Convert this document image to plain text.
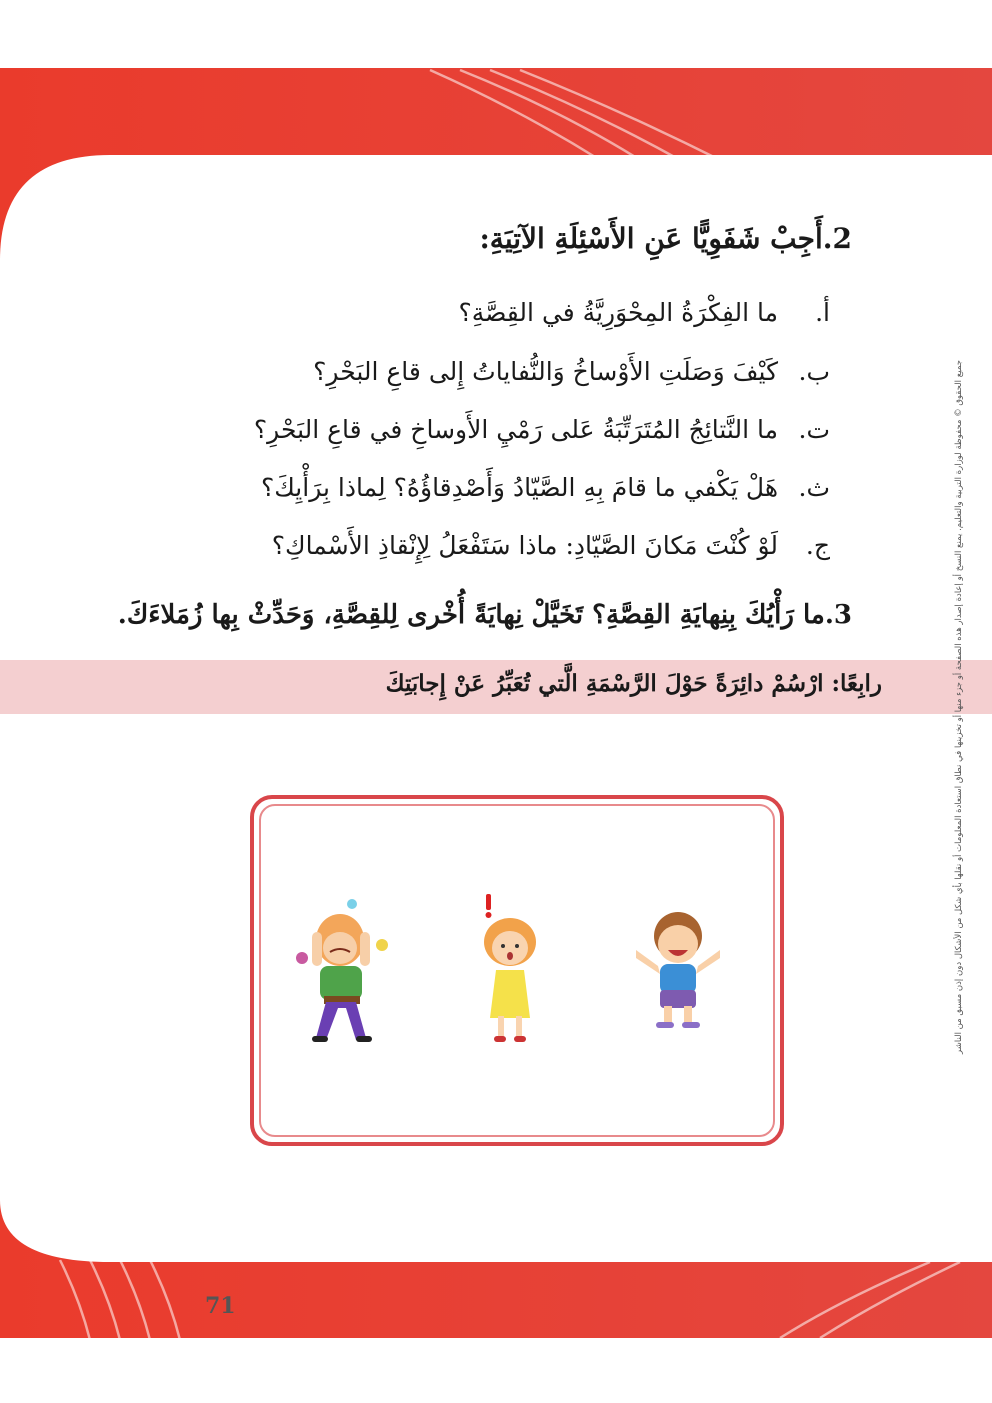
2.أَجِبْ شَفَوِيًّا عَنِ الأَسْئِلَةِ الآتِيَةِ:
أ.ما الفِكْرَةُ المِحْوَرِيَّةُ في القِصَّةِ؟
ب.كَيْفَ وَصَلَتِ الأَوْساخُ وَالنُّفاياتُ إِلى قاعِ البَحْرِ؟
ت.ما النَّتائِجُ المُتَرَتِّبَةُ عَلى رَمْيِ الأَوساخِ في قاعِ البَحْرِ؟
ث.هَلْ يَكْفي ما قامَ بِهِ الصَّيّادُ وَأَصْدِقاؤُهُ؟ لِماذا بِرَأْيِكَ؟
ج.لَوْ كُنْتَ مَكانَ الصَّيّادِ: ماذا سَتَفْعَلُ لِإِنْقاذِ الأَسْماكِ؟
3.ما رَأْيُكَ بِنِهايَةِ القِصَّةِ؟ تَخَيَّلْ نِهايَةً أُخْرى لِلقِصَّةِ، وَحَدِّثْ بِها زُمَلاءَكَ.
رابِعًا: ارْسُمْ دائِرَةً حَوْلَ الرَّسْمَةِ الَّتي تُعَبِّرُ عَنْ إِجابَتِكَ	جميع الحقوق © محفوظة لوزارة التربية والتعليم. يمنع النسخ أو إعادة إصدار هذه الصفحة أو جزء منها أو تخزينها في نطاق استعادة المعلومات أو نقلها بأي شكل من الأشكال دون إذن مسبق من الناشر
71
